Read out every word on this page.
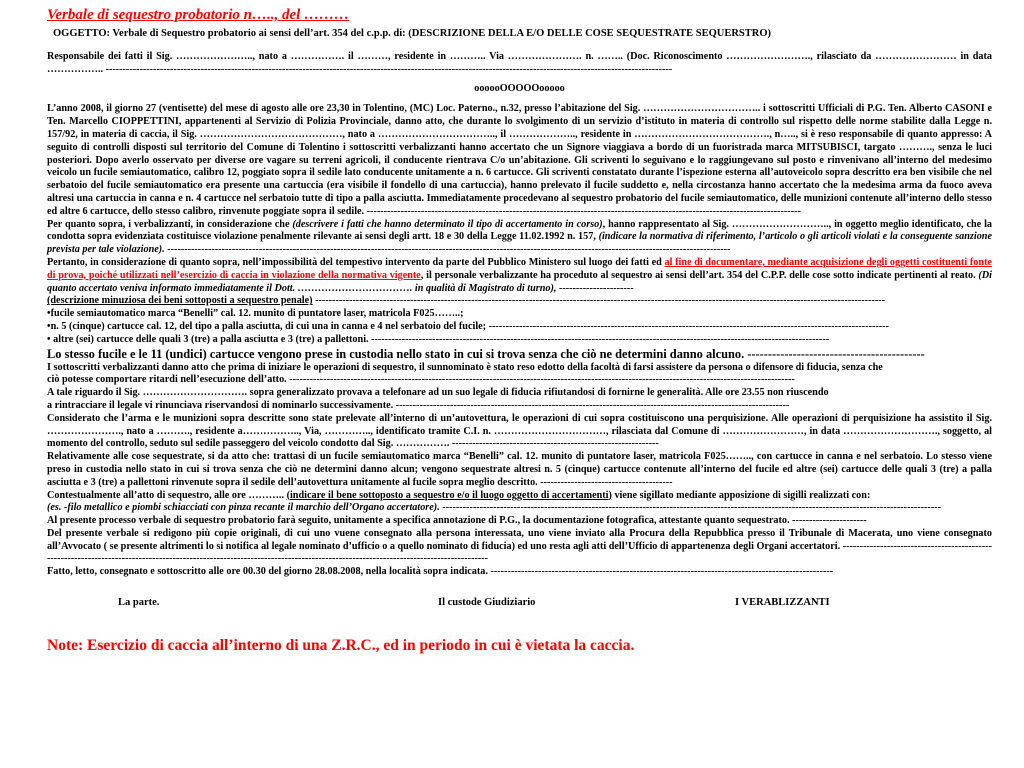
Verbale di sequestro probatorio n….., del ………
OGGETTO: Verbale di Sequestro probatorio ai sensi dell’art. 354 del c.p.p. di: (DESCRIZIONE DELLA E/O DELLE COSE SEQUESTRATE SEQUERSTRO)

Responsabile dei fatti il Sig. ………………….., nato a ……………. il ………, residente in ……….. Via …………………. n. …….. (Doc. Riconoscimento ……………………., rilasciato da …………………… in data …………….. -----------------------------------------------------------------------------------------------------------------------------------------------------------------------

oooooOOOOOooooo

L’anno 2008, il giorno 27 (ventisette) del mese di agosto alle ore 23,30 in Tolentino, (MC) Loc. Paterno., n.32, presso l’abitazione del Sig. …………………………….. i sottoscritti Ufficiali di P.G. Ten. Alberto CASONI e Ten. Marcello CIOPPETTINI, appartenenti al Servizio di Polizia Provinciale, danno atto, che durante lo svolgimento di un servizio d’istituto in materia di controllo sul rispetto delle norme stabilite dalla Legge n. 157/92, in materia di caccia, il Sig. ……………………………………, nato a …………………………….., il ……………….., residente in …………………………………., n….., si è reso responsabile di quanto appresso: A seguito di controlli disposti sul territorio del Comune di Tolentino i sottoscritti verbalizzanti hanno accertato che un Signore viaggiava a bordo di un fuoristrada marca MITSUBISCI, targato ………., senza le luci posteriori. Dopo averlo osservato per diverse ore vagare su terreni agricoli, il conducente rientrava C/o un’abitazione. Gli scriventi lo seguivano e lo raggiungevano sul posto e rinvenivano all’interno del medesimo veicolo un fucile semiautomatico, calibro 12, poggiato sopra il sedile lato conducente unitamente a n. 6 cartucce. Gli scriventi constatato durante l’ispezione esterna all’autoveicolo sopra descritto era ben visibile che nel serbatoio del fucile semiautomatico era presente una cartuccia (era visibile il fondello di una cartuccia), hanno prelevato il fucile suddetto e, nella circostanza hanno accertato che la medesima arma da fuoco aveva altresi una cartuccia in canna e n. 4 cartucce nel serbatoio tutte di tipo a palla asciutta. Immediatamente procedevano al sequestro probatorio del fucile semiautomatico, delle munizioni contenute all’interno dello stesso ed altre 6 cartucce, dello stesso calibro, rinvenute poggiate sopra il sedile. --------------------------------------------------------------------------------------------------------------------------------

Per quanto sopra, i verbalizzanti, in considerazione che (descrivere i fatti che hanno determinato il tipo di accertamento in corso), hanno rappresentato al Sig. ……………………….., in oggetto meglio identificato, che la condotta sopra evidenziata costituisce violazione penalmente rilevante ai sensi degli artt. 18 e 30 della Legge 11.02.1992 n. 157, (indicare la normativa di riferimento, l’articolo o gli articoli violati e la conseguente sanzione prevista per tale violazione). ----------------------------------------------------------------------------------------------------------------------------------------------------------------------

Pertanto, in considerazione di quanto sopra, nell’impossibilità del tempestivo intervento da parte del Pubblico Ministero sul luogo dei fatti ed al fine di documentare, mediante acquisizione degli oggetti costituenti fonte di prova, poiché utilizzati nell’esercizio di caccia in violazione della normativa vigente, il personale verbalizzante ha proceduto al sequestro ai sensi dell’art. 354 del C.P.P. delle cose sotto indicate pertinenti al reato. (Di quanto accertato veniva informato immediatamente il Dott. ……………………………. in qualità di Magistrato di turno), ----------------------

(descrizione minuziosa dei beni sottoposti a sequestro penale) ------------------------------------------------------------------------------------------------------------------------------------------------------------------------

•fucile semiautomatico marca “Benelli” cal. 12. munito di puntatore laser, matricola F025……..;

•n. 5 (cinque) cartucce cal. 12, del tipo a palla asciutta, di cui una in canna e 4 nel serbatoio del fucile; ----------------------------------------------------------------------------------------------------------------------

• altre (sei) cartucce delle quali 3 (tre) a palla asciutta e 3 (tre) a pallettoni. ---------------------------------------------------------------------------------------------------------------------------------------

Lo stesso fucile e le 11 (undici) cartucce vengono prese in custodia nello stato in cui si trova senza che ciò ne determini danno alcuno. -------------------------------------------

I sottoscritti verbalizzanti danno atto che prima di iniziare le operazioni di sequestro, il sunnominato è stato reso edotto della facoltà di farsi assistere da persona o difensore di fiducia, senza che

ciò potesse comportare ritardi nell’esecuzione dell’atto. -----------------------------------------------------------------------------------------------------------------------------------------------------

A tale riguardo il Sig. …………………………. sopra generalizzato provava a telefonare ad un suo legale di fiducia rifiutandosi di fornirne le generalità. Alle ore 23.55 non riuscendo

a rintracciare il legale vi rinunciava riservandosi di nominarlo successivamente. --------------------------------------------------------------------------------------------------------------------

Considerato che l’arma e le munizioni sopra descritte sono state prelevate all’interno di un’autovettura, le operazioni di cui sopra costituiscono una perquisizione. Alle operazioni di perquisizione ha assistito il Sig. …………………., nato a ………., residente a…………….., Via, ………….., identificato tramite C.I. n. ……………………………, rilasciata dal Comune di ……………………, in data ………………………., soggetto, al momento del controllo, seduto sul sedile passeggero del veicolo condotto dal Sig. ……………. -------------------------------------------------------------

Relativamente alle cose sequestrate, si da atto che: trattasi di un fucile semiautomatico marca “Benelli” cal. 12. munito di puntatore laser, matricola F025…….., con cartucce in canna e nel serbatoio. Lo stesso viene preso in custodia nello stato in cui si trova senza che ciò ne determini danno alcun; vengono sequestrate altresi n. 5 (cinque) cartucce contenute all’interno del fucile ed altre (sei) cartucce delle quali 3 (tre) a palla asciutta e 3 (tre) a pallettoni rinvenute sopra il sedile dell’autovettura unitamente al fucile sopra meglio descritto. ---------------------------------------

Contestualmente all’atto di sequestro, alle ore ……….. (indicare il bene sottoposto a sequestro e/o il luogo oggetto di accertamenti) viene sigillato mediante apposizione di sigilli realizzati con:

(es. -filo metallico e piombi schiacciati con pinza recante il marchio dell’Organo accertatore). ---------------------------------------------------------------------------------------------------------------------------------------------------

Al presente processo verbale di sequestro probatorio farà seguito, unitamente a specifica annotazione di P.G., la documentazione fotografica, attestante quanto sequestrato. ----------------------

Del presente verbale si redigono più copie originali, di cui uno vuene consegnato alla persona interessata, uno viene inviato alla Procura della Repubblica presso il Tribunale di Macerata, uno viene consegnato all’Avvocato ( se presente altrimenti lo si notifica al legale nominato d’ufficio o a quello nominato di fiducia) ed uno resta agli atti dell’Ufficio di appartenenza degli Organi accertatori. ------------------------------------------------------------------------------------------------------------------------------------------------------------------------------

Fatto, letto, consegnato e sottoscritto alle ore 00.30 del giorno 28.08.2008, nella località sopra indicata. -----------------------------------------------------------------------------------------------------

La parte.	Il custode Giudiziario	I VERABLIZZANTI
Note: Esercizio di caccia all’interno di una Z.R.C., ed in periodo in cui è vietata la caccia.
